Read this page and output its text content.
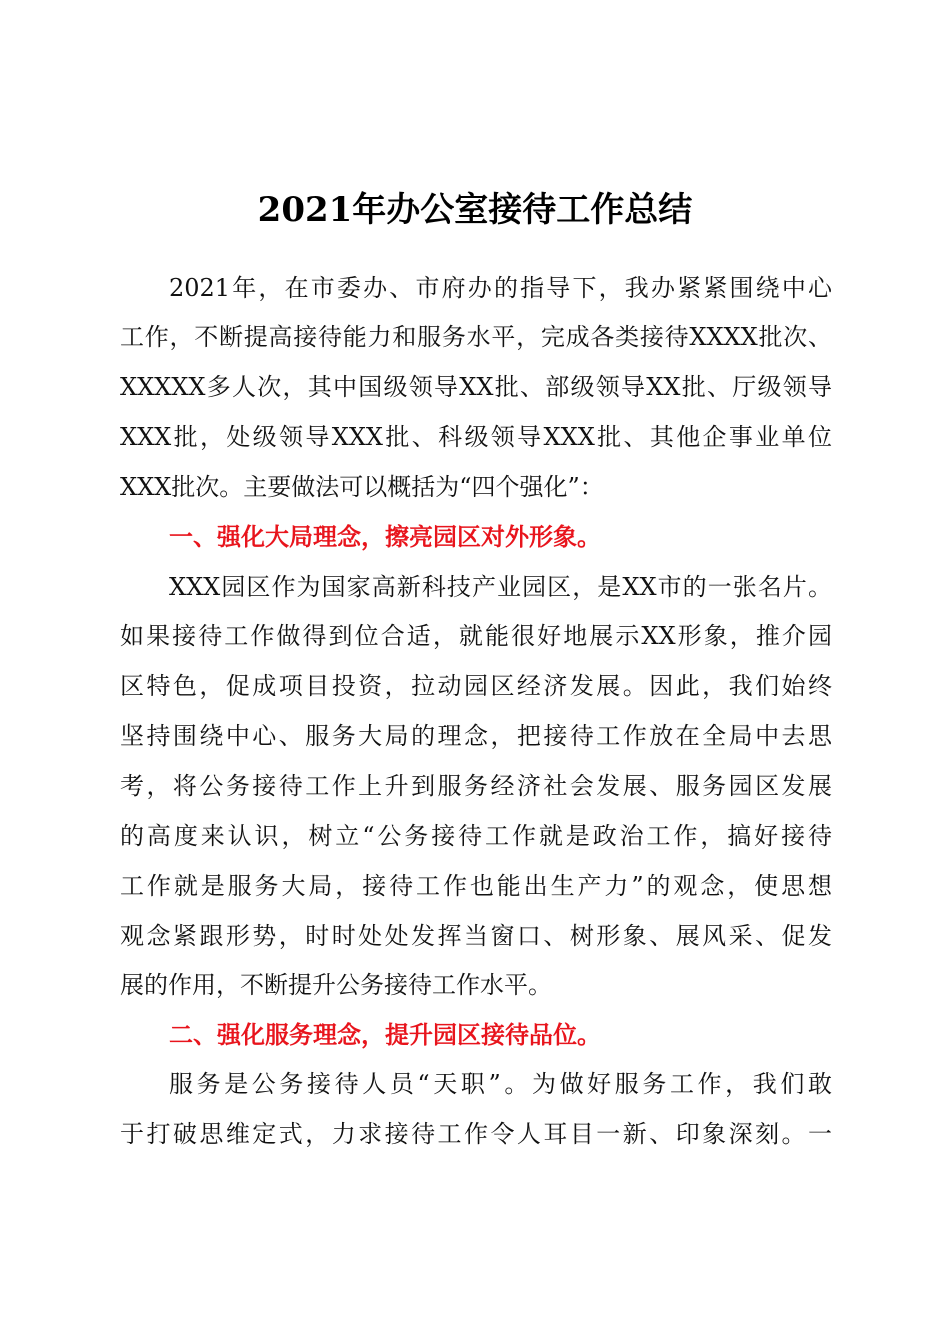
2021年办公室接待工作总结
2021年，在市委办、市府办的指导下，我办紧紧围绕中心
工作，不断提高接待能力和服务水平，完成各类接待XXXX批次、
XXXXX多人次，其中国级领导XX批、部级领导XX批、厅级领导
XXX批，处级领导XXX批、科级领导XXX批、其他企事业单位
XXX批次。主要做法可以概括为“四个强化”：
一、强化大局理念，擦亮园区对外形象。
XXX园区作为国家高新科技产业园区，是XX市的一张名片。
如果接待工作做得到位合适，就能很好地展示XX形象，推介园
区特色，促成项目投资，拉动园区经济发展。因此，我们始终
坚持围绕中心、服务大局的理念，把接待工作放在全局中去思
考，将公务接待工作上升到服务经济社会发展、服务园区发展
的高度来认识，树立“公务接待工作就是政治工作，搞好接待
工作就是服务大局，接待工作也能出生产力”的观念，使思想
观念紧跟形势，时时处处发挥当窗口、树形象、展风采、促发
展的作用，不断提升公务接待工作水平。
二、强化服务理念，提升园区接待品位。
服务是公务接待人员“天职”。为做好服务工作，我们敢
于打破思维定式，力求接待工作令人耳目一新、印象深刻。一
